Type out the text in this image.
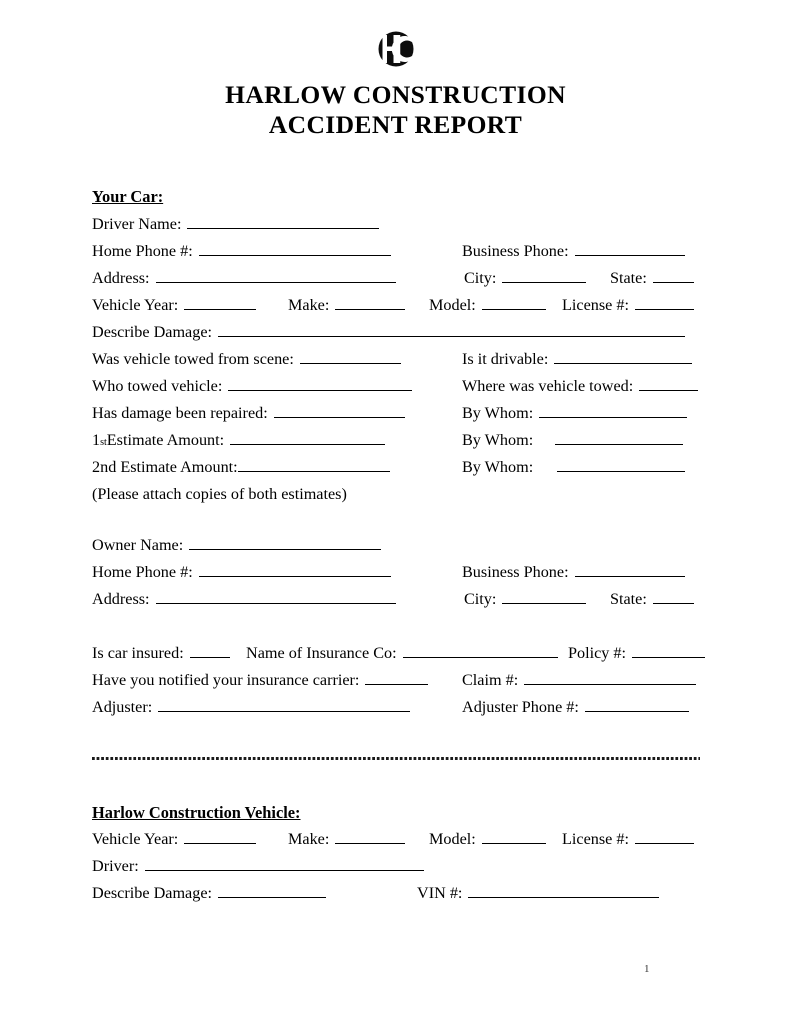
HARLOW CONSTRUCTION
ACCIDENT REPORT
Your Car:
Driver Name:
Home Phone #:	Business Phone:
Address:	City:	State:
Vehicle Year:	Make:	Model:	License #:
Describe Damage:
Was vehicle towed from scene:	Is it drivable:
Who towed vehicle:	Where was vehicle towed:
Has damage been repaired:	By Whom:
1 st Estimate Amount:	By Whom:
2nd Estimate Amount:	By Whom:
(Please attach copies of both estimates)
Owner Name:
Home Phone #:	Business Phone:
Address:	City:	State:
Is car insured:	Name of Insurance Co:	Policy #:
Have you notified your insurance carrier:	Claim #:
Adjuster:	Adjuster Phone #:
Harlow Construction Vehicle:
Vehicle Year:	Make:	Model:	License #:
Driver:
Describe Damage:	VIN #:
1
